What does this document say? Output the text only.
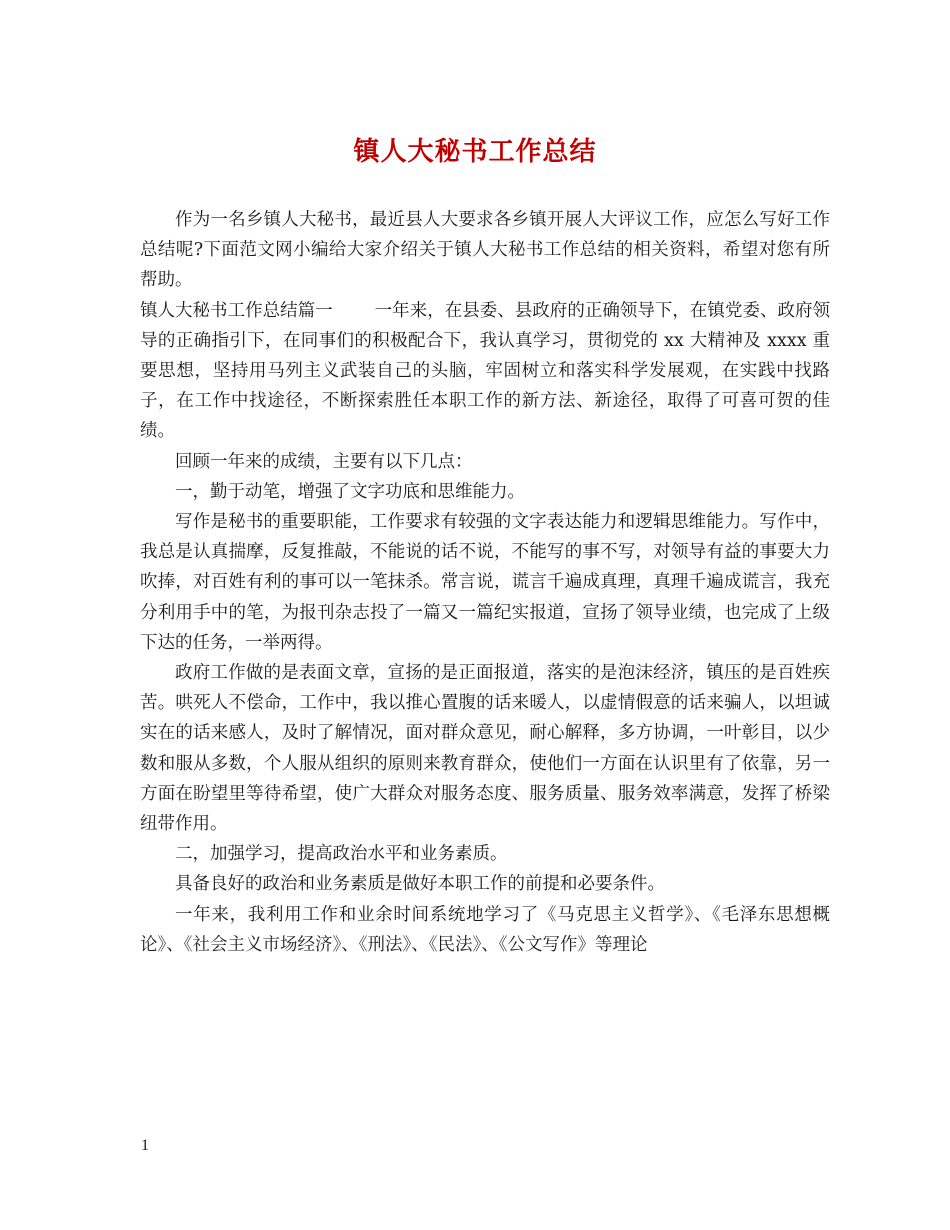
镇人大秘书工作总结

作为一名乡镇人大秘书，最近县人大要求各乡镇开展人大评议工作，应怎么写好工作总结呢?下面范文网小编给大家介绍关于镇人大秘书工作总结的相关资料，希望对您有所帮助。

镇人大秘书工作总结篇一 一年来，在县委、县政府的正确领导下，在镇党委、政府领导的正确指引下，在同事们的积极配合下，我认真学习，贯彻党的 xx 大精神及 xxxx 重要思想，坚持用马列主义武装自己的头脑，牢固树立和落实科学发展观，在实践中找路子，在工作中找途径，不断探索胜任本职工作的新方法、新途径，取得了可喜可贺的佳绩。

回顾一年来的成绩，主要有以下几点：

一，勤于动笔，增强了文字功底和思维能力。

写作是秘书的重要职能，工作要求有较强的文字表达能力和逻辑思维能力。写作中，我总是认真揣摩，反复推敲，不能说的话不说，不能写的事不写，对领导有益的事要大力吹捧，对百姓有利的事可以一笔抹杀。常言说，谎言千遍成真理，真理千遍成谎言，我充分利用手中的笔，为报刊杂志投了一篇又一篇纪实报道，宣扬了领导业绩，也完成了上级下达的任务，一举两得。

政府工作做的是表面文章，宣扬的是正面报道，落实的是泡沫经济，镇压的是百姓疾苦。哄死人不偿命，工作中，我以推心置腹的话来暖人，以虚情假意的话来骗人，以坦诚实在的话来感人，及时了解情况，面对群众意见，耐心解释，多方协调，一叶彰目，以少数和服从多数，个人服从组织的原则来教育群众，使他们一方面在认识里有了依靠，另一方面在盼望里等待希望，使广大群众对服务态度、服务质量、服务效率满意，发挥了桥梁纽带作用。

二，加强学习，提高政治水平和业务素质。

具备良好的政治和业务素质是做好本职工作的前提和必要条件。

一年来，我利用工作和业余时间系统地学习了《马克思主义哲学》、《毛泽东思想概论》、《社会主义市场经济》、《刑法》、《民法》、《公文写作》等理论

1
